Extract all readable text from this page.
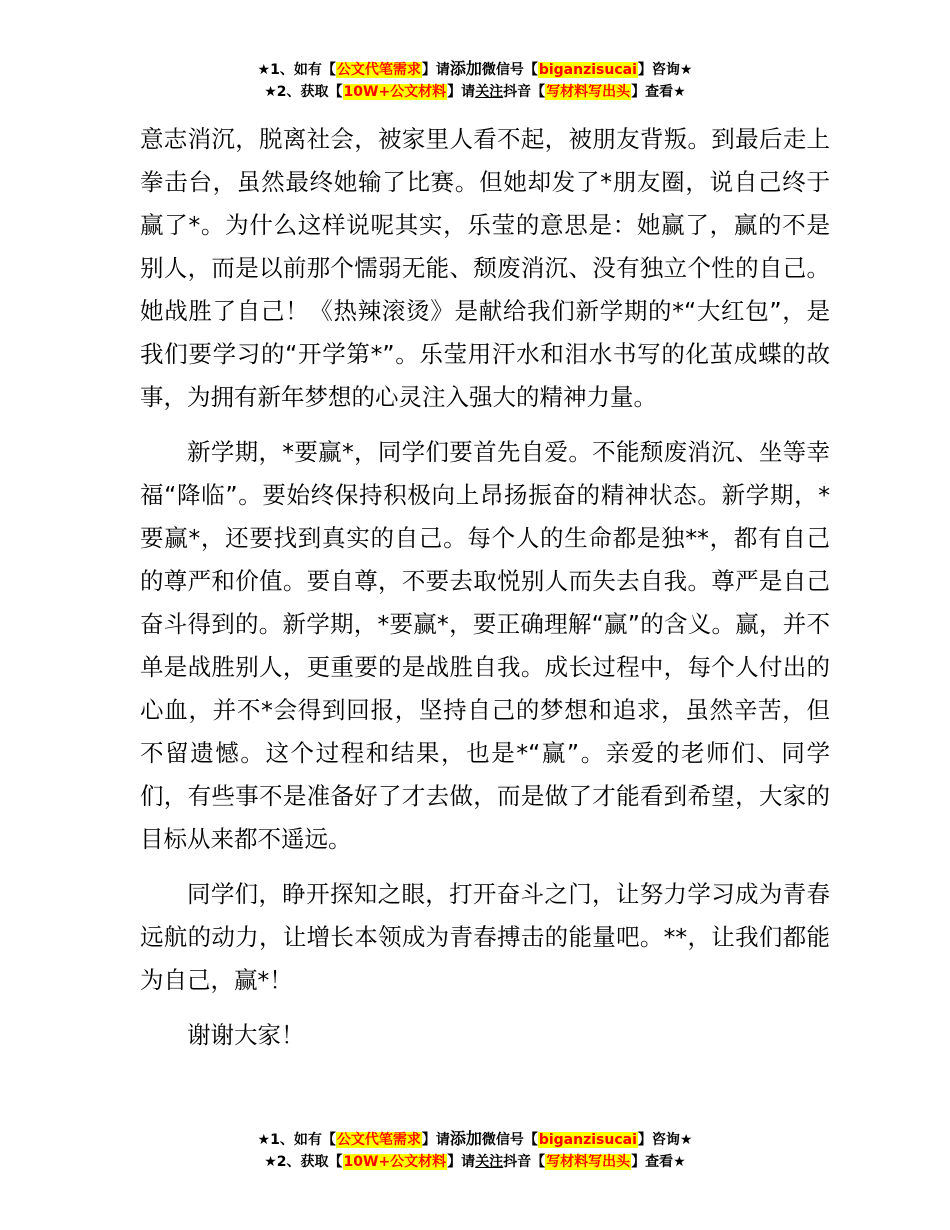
★1、如有【公文代笔需求】请添加微信号【biganzisucai】咨询★
★2、获取【10W+公文材料】请关注抖音【写材料写出头】查看★

意志消沉，脱离社会，被家里人看不起，被朋友背叛。到最后走上拳击台，虽然最终她输了比赛。但她却发了*朋友圈，说自己终于赢了*。为什么这样说呢其实，乐莹的意思是：她赢了，赢的不是别人，而是以前那个懦弱无能、颓废消沉、没有独立个性的自己。她战胜了自己！《热辣滚烫》是献给我们新学期的*“大红包”，是我们要学习的“开学第*”。乐莹用汗水和泪水书写的化茧成蝶的故事，为拥有新年梦想的心灵注入强大的精神力量。

新学期，*要赢*，同学们要首先自爱。不能颓废消沉、坐等幸福“降临”。要始终保持积极向上昂扬振奋的精神状态。新学期，*要赢*，还要找到真实的自己。每个人的生命都是独**，都有自己的尊严和价值。要自尊，不要去取悦别人而失去自我。尊严是自己奋斗得到的。新学期，*要赢*，要正确理解“赢”的含义。赢，并不单是战胜别人，更重要的是战胜自我。成长过程中，每个人付出的心血，并不*会得到回报，坚持自己的梦想和追求，虽然辛苦，但不留遗憾。这个过程和结果，也是*“赢”。亲爱的老师们、同学们，有些事不是准备好了才去做，而是做了才能看到希望，大家的目标从来都不遥远。

同学们，睁开探知之眼，打开奋斗之门，让努力学习成为青春远航的动力，让增长本领成为青春搏击的能量吧。**，让我们都能为自己，赢*！

谢谢大家！

★1、如有【公文代笔需求】请添加微信号【biganzisucai】咨询★
★2、获取【10W+公文材料】请关注抖音【写材料写出头】查看★
